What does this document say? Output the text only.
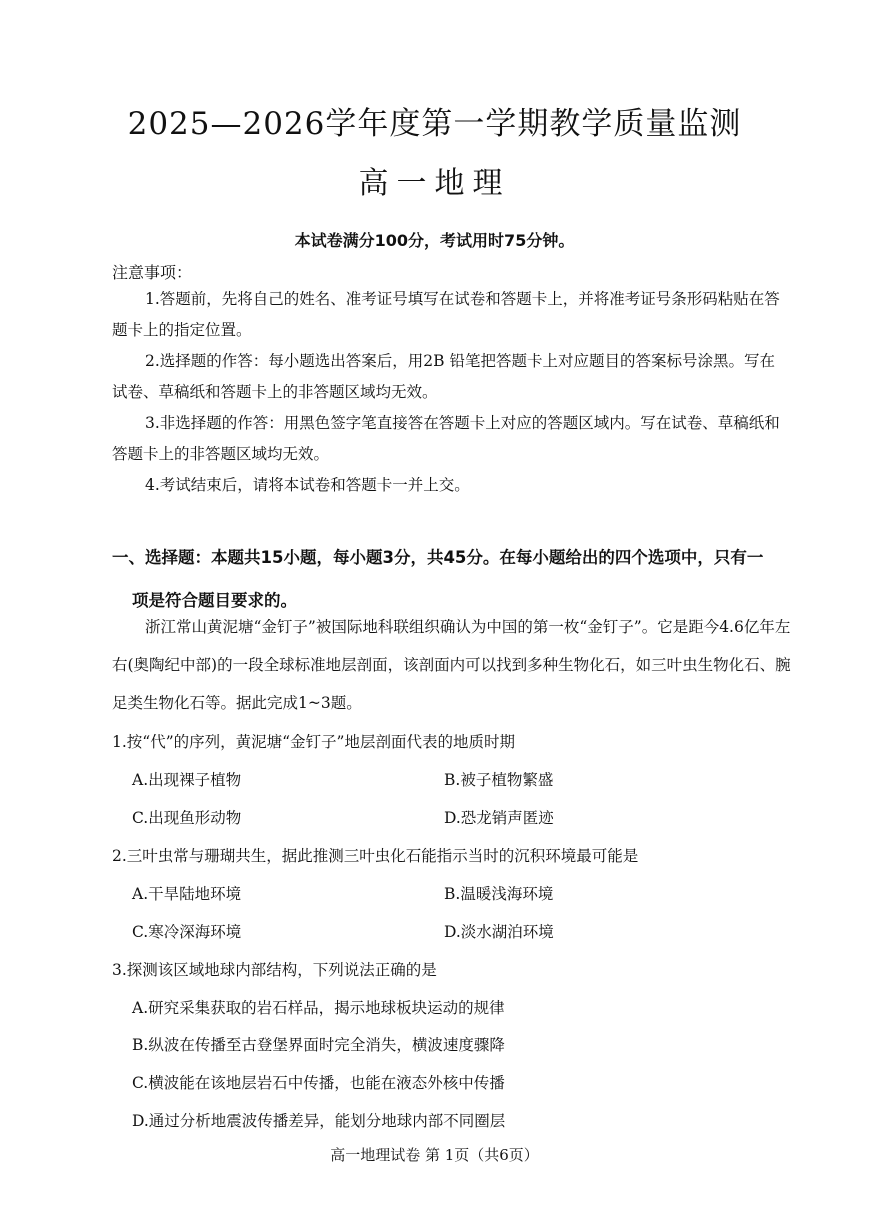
2025—2026学年度第一学期教学质量监测
高一地理
本试卷满分100分，考试用时75分钟。
注意事项：
1.答题前，先将自己的姓名、准考证号填写在试卷和答题卡上，并将准考证号条形码粘贴在答题卡上的指定位置。
2.选择题的作答：每小题选出答案后，用2B 铅笔把答题卡上对应题目的答案标号涂黑。写在试卷、草稿纸和答题卡上的非答题区域均无效。
3.非选择题的作答：用黑色签字笔直接答在答题卡上对应的答题区域内。写在试卷、草稿纸和答题卡上的非答题区域均无效。
4.考试结束后，请将本试卷和答题卡一并上交。
一、选择题：本题共15小题，每小题3分，共45分。在每小题给出的四个选项中，只有一
项是符合题目要求的。
浙江常山黄泥塘“金钉子”被国际地科联组织确认为中国的第一枚“金钉子”。它是距今4.6亿年左右(奥陶纪中部)的一段全球标准地层剖面，该剖面内可以找到多种生物化石，如三叶虫生物化石、腕足类生物化石等。据此完成1~3题。
1.按“代”的序列，黄泥塘“金钉子”地层剖面代表的地质时期
A.出现裸子植物	B.被子植物繁盛
C.出现鱼形动物	D.恐龙销声匿迹
2.三叶虫常与珊瑚共生，据此推测三叶虫化石能指示当时的沉积环境最可能是
A.干旱陆地环境	B.温暖浅海环境
C.寒冷深海环境	D.淡水湖泊环境
3.探测该区域地球内部结构，下列说法正确的是
A.研究采集获取的岩石样品，揭示地球板块运动的规律
B.纵波在传播至古登堡界面时完全消失，横波速度骤降
C.横波能在该地层岩石中传播，也能在液态外核中传播
D.通过分析地震波传播差异，能划分地球内部不同圈层
高一地理试卷 第 1页（共6页）
